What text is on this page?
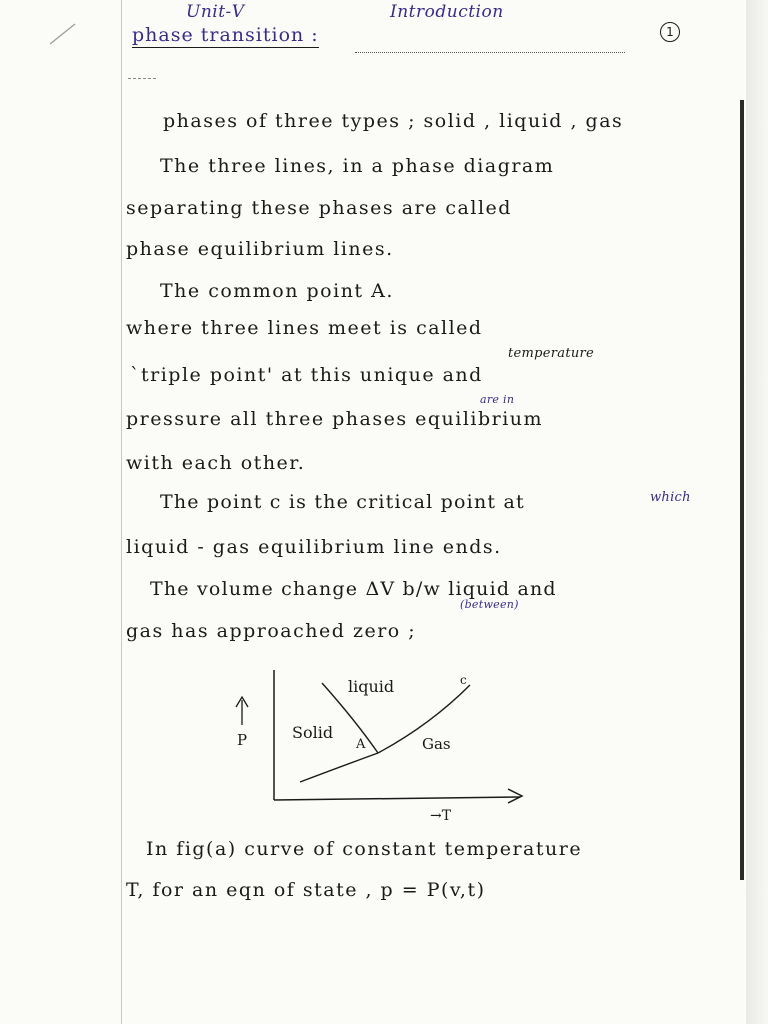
Unit-Ⅴ	Introduction
phase transition :	1
phases of three types ; solid , liquid , gas
The three lines, in a phase diagram
separating these phases are called
phase equilibrium lines.
The common point A.
where three lines meet is called
temperature
`triple point' at this unique and
are in
pressure all three phases equilibrium
with each other.
The point c is the critical point at	which
liquid - gas equilibrium line ends.
The volume change ΔV b/w liquid and
(between)
gas has approached zero ;
liquid	c
Solid
A	Gas
P
→T
In fig(a) curve of constant temperature
T, for an eqn of state , p = P(v,t)
